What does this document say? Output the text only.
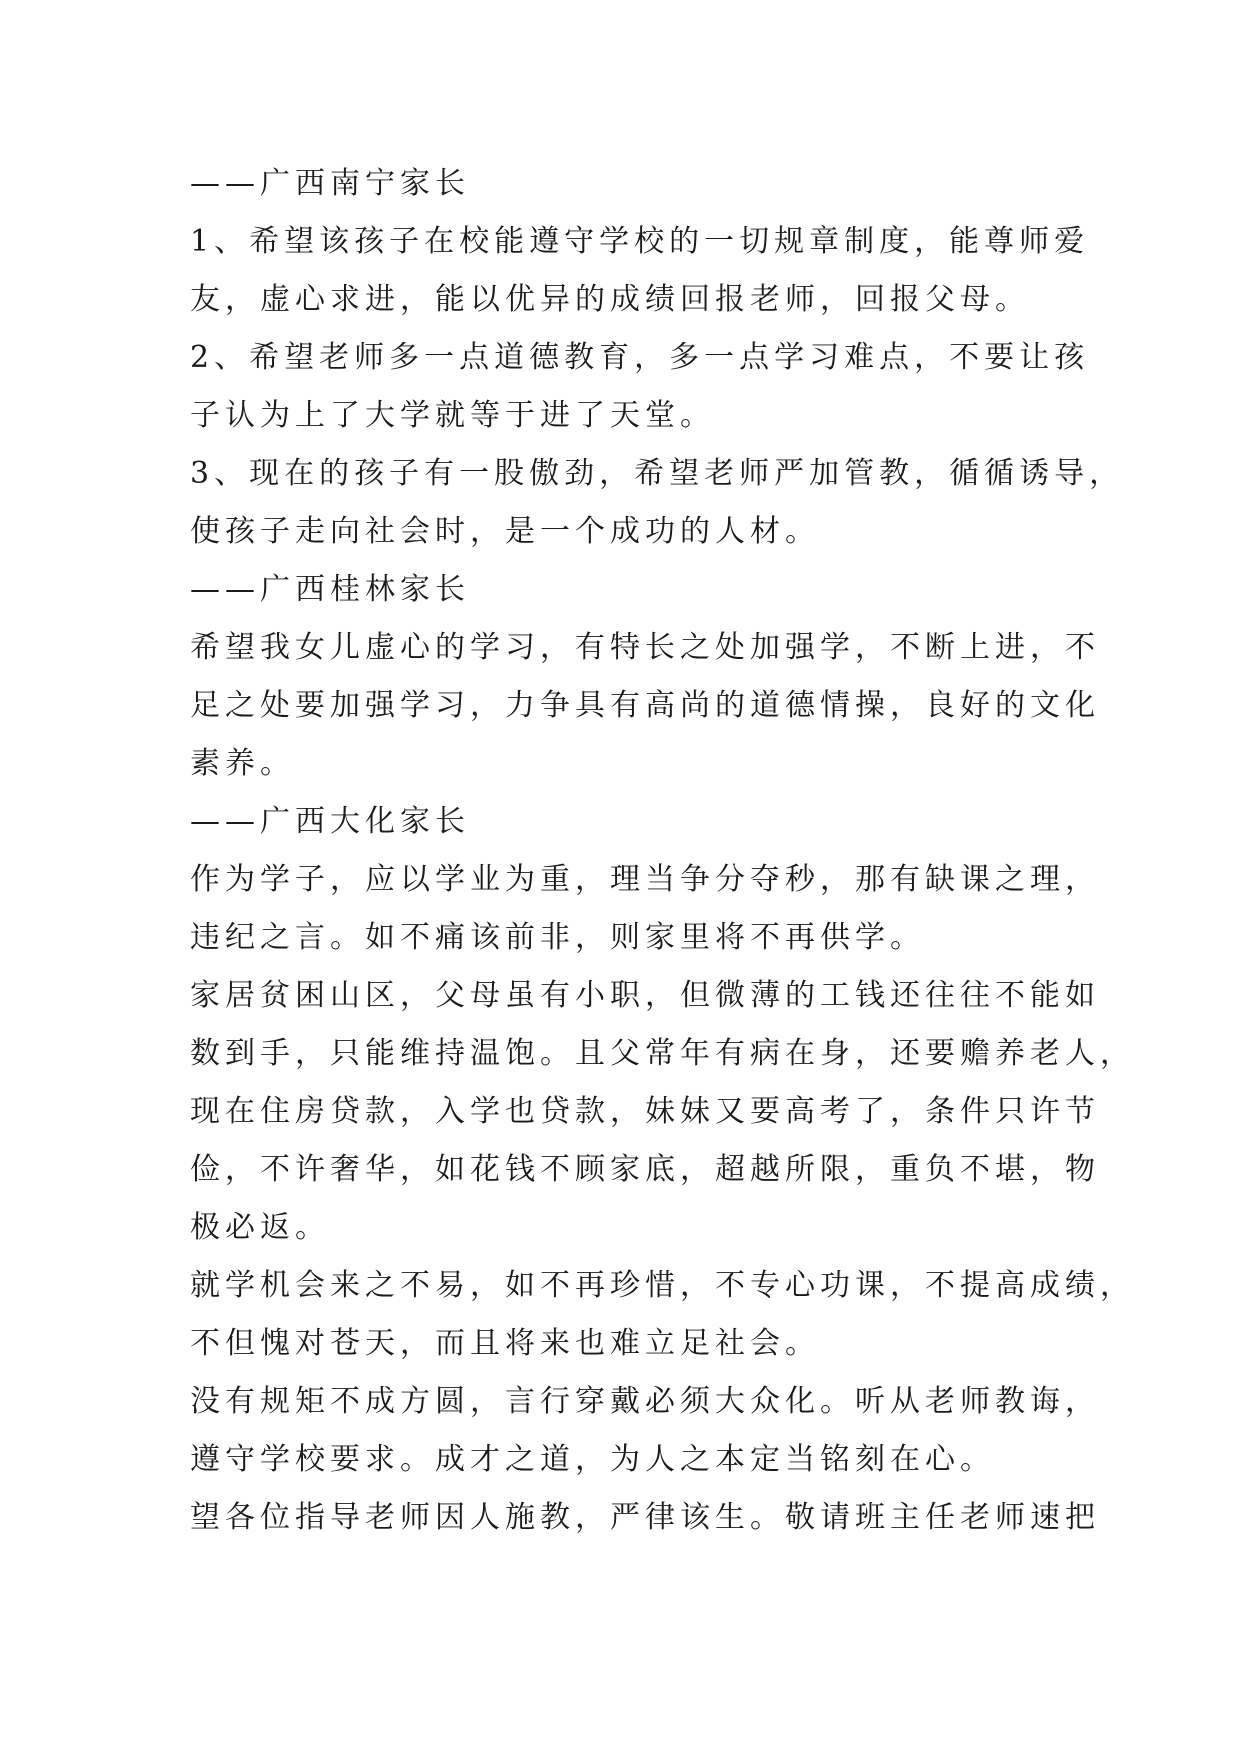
——广西南宁家长
1、希望该孩子在校能遵守学校的一切规章制度，能尊师爱
友，虚心求进，能以优异的成绩回报老师，回报父母。
2、希望老师多一点道德教育，多一点学习难点，不要让孩
子认为上了大学就等于进了天堂。
3、现在的孩子有一股傲劲，希望老师严加管教，循循诱导，
使孩子走向社会时，是一个成功的人材。
——广西桂林家长
希望我女儿虚心的学习，有特长之处加强学，不断上进，不
足之处要加强学习，力争具有高尚的道德情操，良好的文化
素养。
——广西大化家长
作为学子，应以学业为重，理当争分夺秒，那有缺课之理，
违纪之言。如不痛该前非，则家里将不再供学。
家居贫困山区，父母虽有小职，但微薄的工钱还往往不能如
数到手，只能维持温饱。且父常年有病在身，还要赡养老人，
现在住房贷款，入学也贷款，妹妹又要高考了，条件只许节
俭，不许奢华，如花钱不顾家底，超越所限，重负不堪，物
极必返。
就学机会来之不易，如不再珍惜，不专心功课，不提高成绩，
不但愧对苍天，而且将来也难立足社会。
没有规矩不成方圆，言行穿戴必须大众化。听从老师教诲，
遵守学校要求。成才之道，为人之本定当铭刻在心。
望各位指导老师因人施教，严律该生。敬请班主任老师速把
